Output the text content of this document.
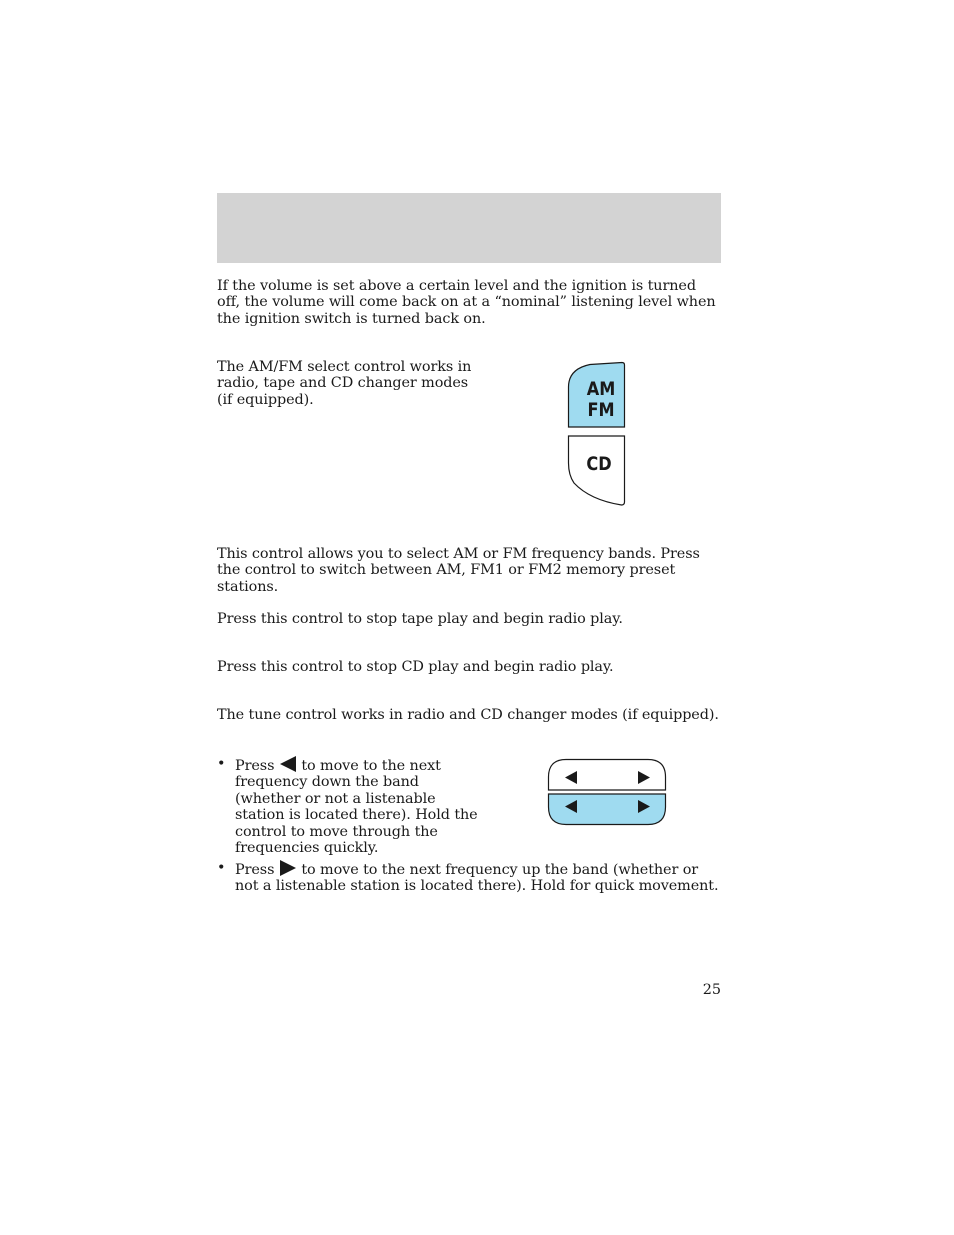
If the volume is set above a certain level and the ignition is turned off, the volume will come back on at a “nominal” listening level when the ignition switch is turned back on.

The AM/FM select control works in radio, tape and CD changer modes (if equipped).	AM
FM
CD

This control allows you to select AM or FM frequency bands. Press the control to switch between AM, FM1 or FM2 memory preset stations.

Press this control to stop tape play and begin radio play.

Press this control to stop CD play and begin radio play.

The tune control works in radio and CD changer modes (if equipped).

• Press to move to the next frequency down the band (whether or not a listenable station is located there). Hold the control to move through the frequencies quickly.
• Press to move to the next frequency up the band (whether or not a listenable station is located there). Hold for quick movement.
25
